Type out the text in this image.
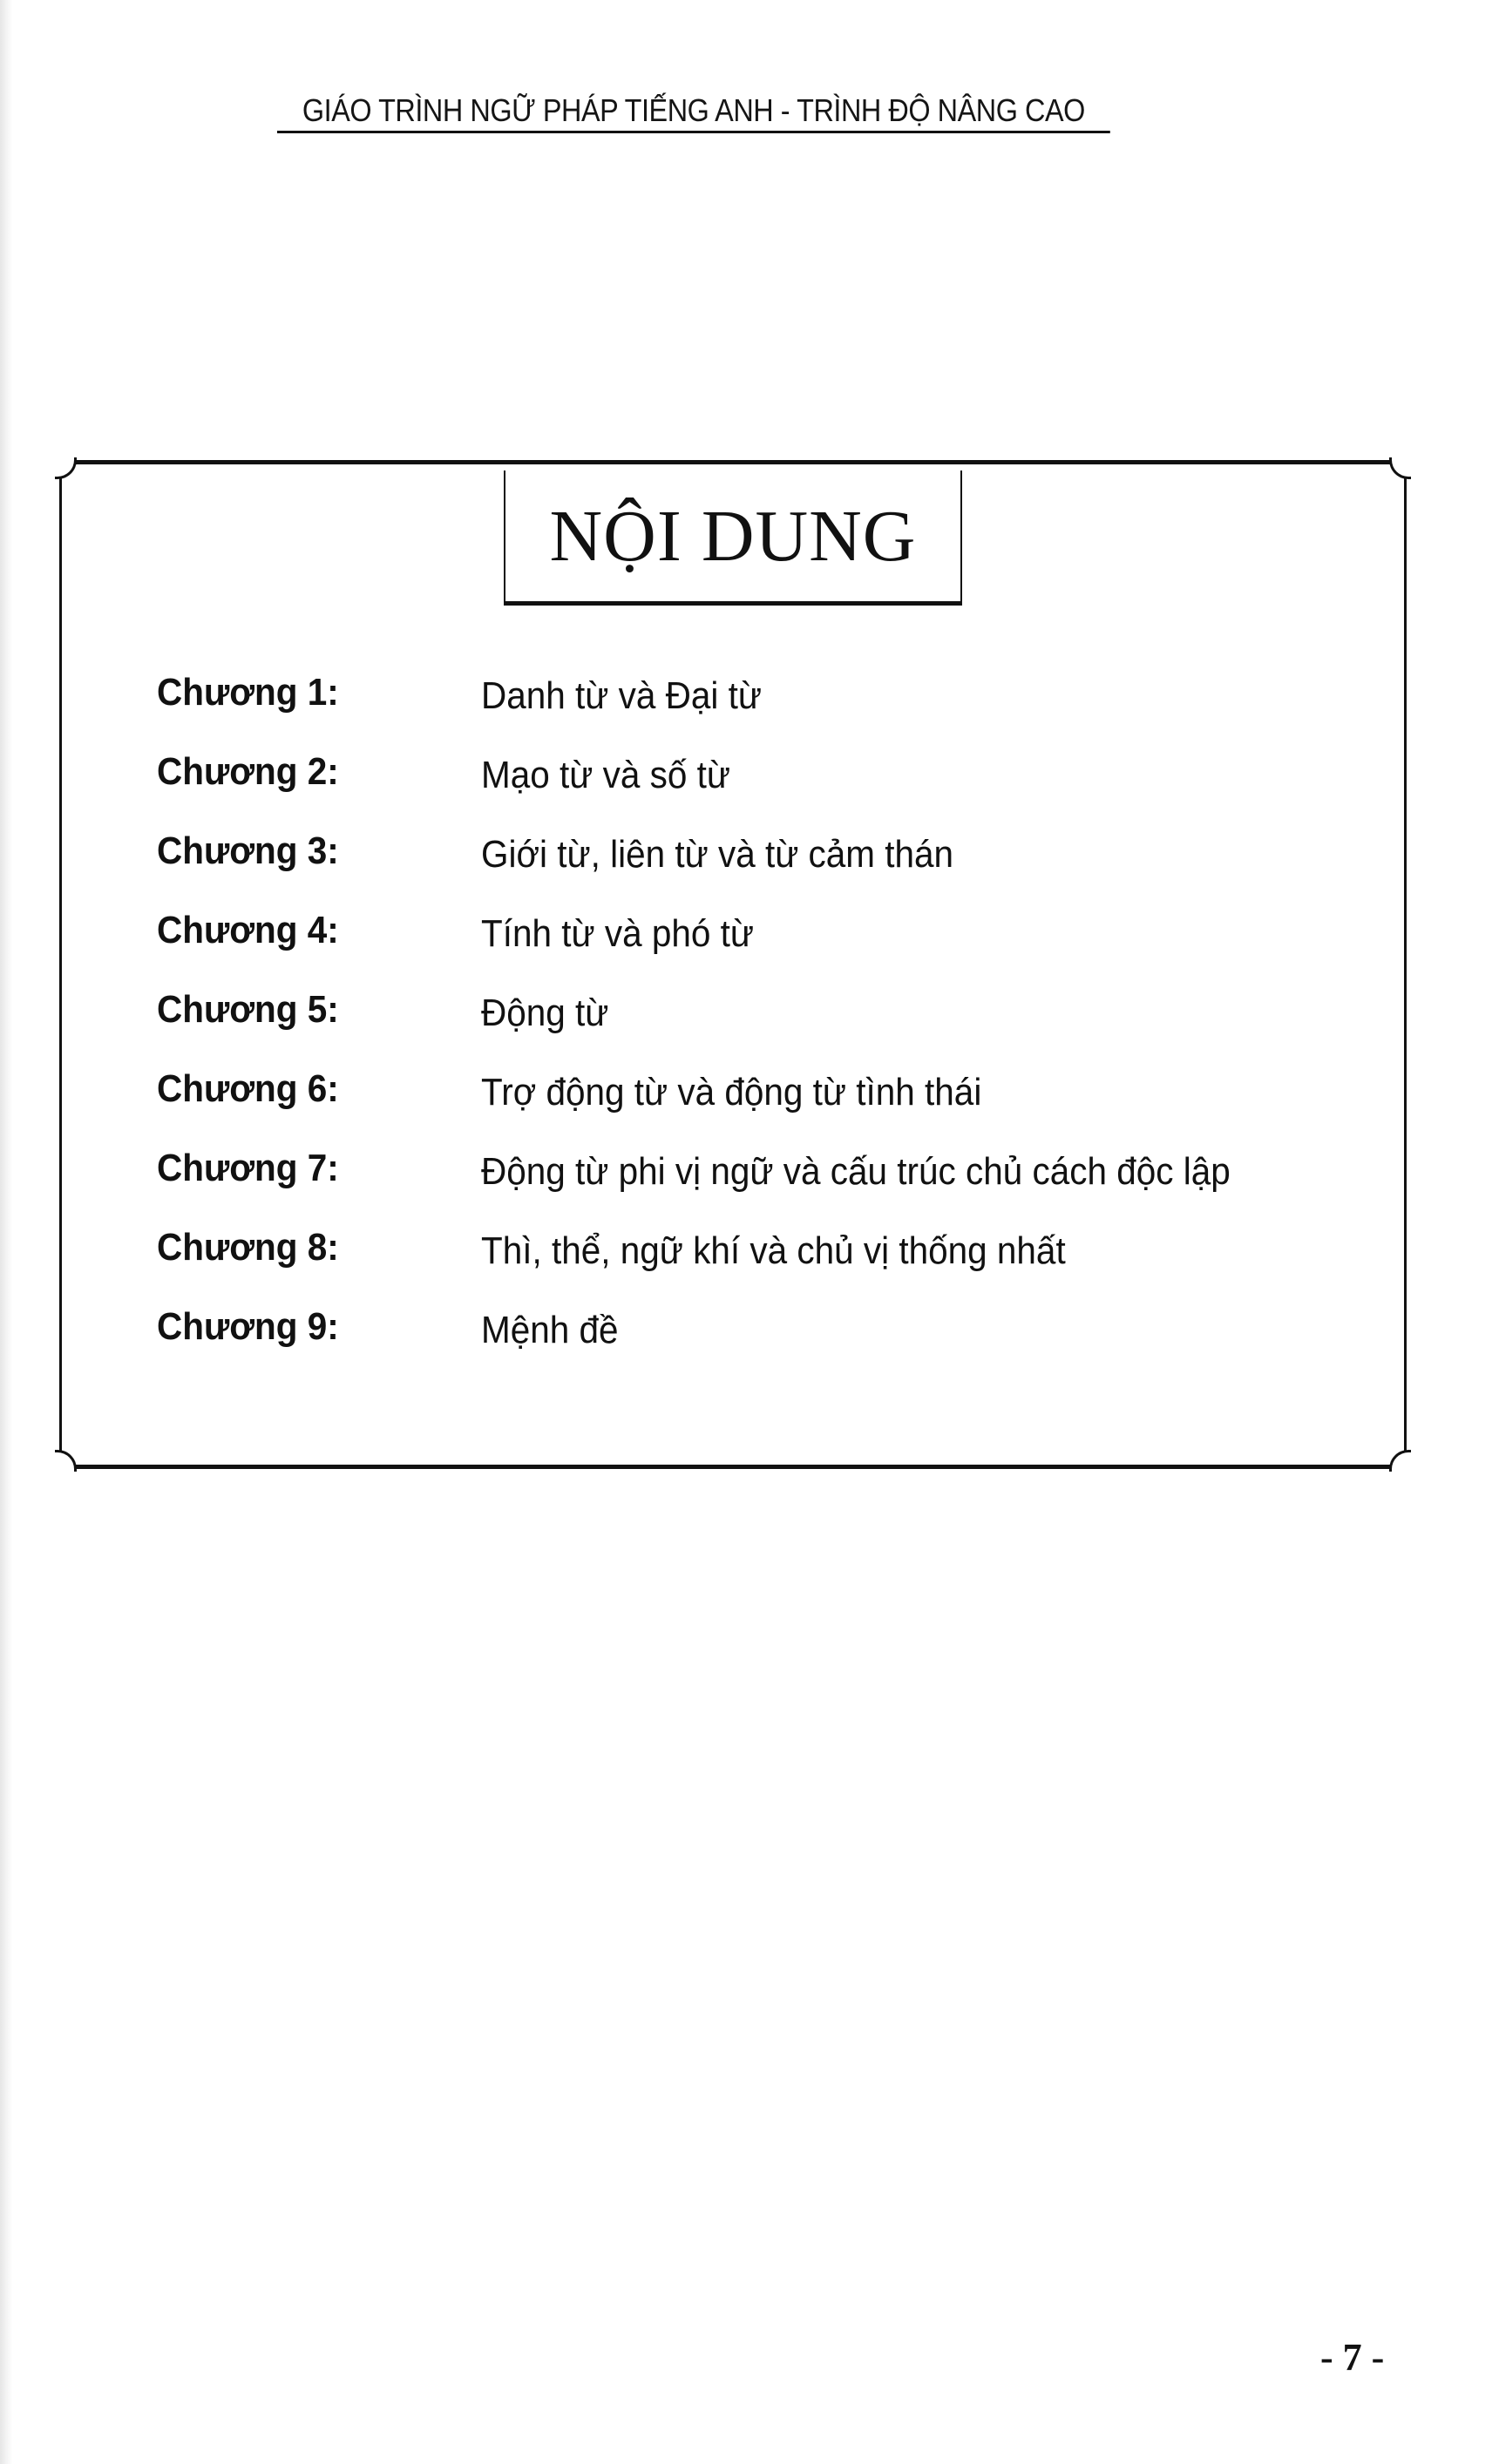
GIÁO TRÌNH NGỮ PHÁP TIẾNG ANH - TRÌNH ĐỘ NÂNG CAO
NỘI DUNG
Chương 1:	Danh từ và Đại từ
Chương 2:	Mạo từ và số từ
Chương 3:	Giới từ, liên từ và từ cảm thán
Chương 4:	Tính từ và phó từ
Chương 5:	Động từ
Chương 6:	Trợ động từ và động từ tình thái
Chương 7:	Động từ phi vị ngữ và cấu trúc chủ cách độc lập
Chương 8:	Thì, thể, ngữ khí và chủ vị thống nhất
Chương 9:	Mệnh đề
- 7 -
